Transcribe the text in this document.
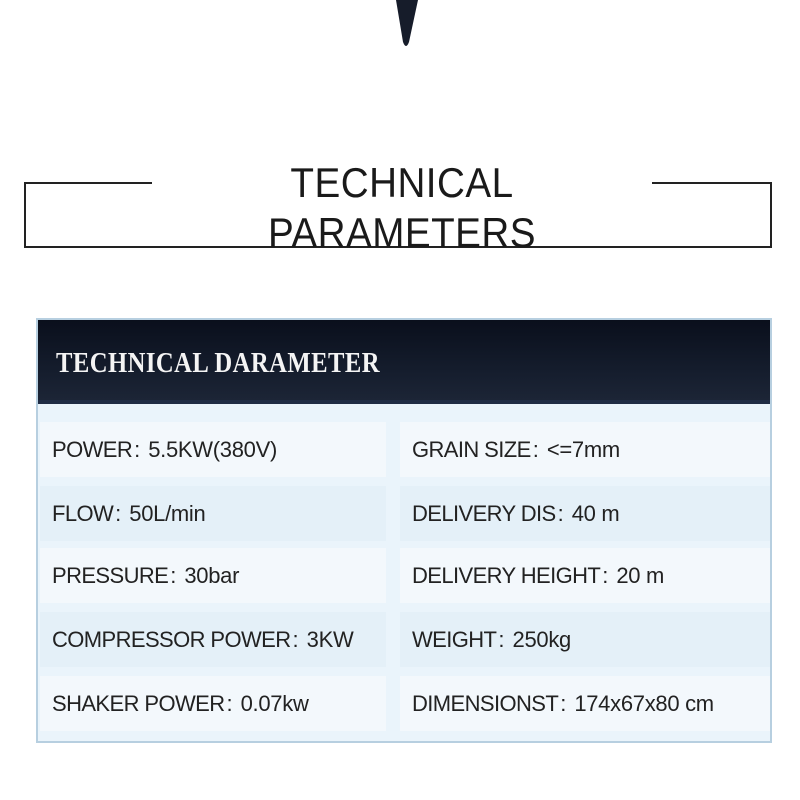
TECHNICAL PARAMETERS
TECHNICAL DARAMETER
POWER : 5.5KW(380V)	GRAIN SIZE : <=7mm
FLOW : 50L/min	DELIVERY DIS : 40 m
PRESSURE : 30bar	DELIVERY HEIGHT : 20 m
COMPRESSOR POWER : 3KW	WEIGHT : 250kg
SHAKER POWER : 0.07kw	DIMENSIONST : 174x67x80 cm
